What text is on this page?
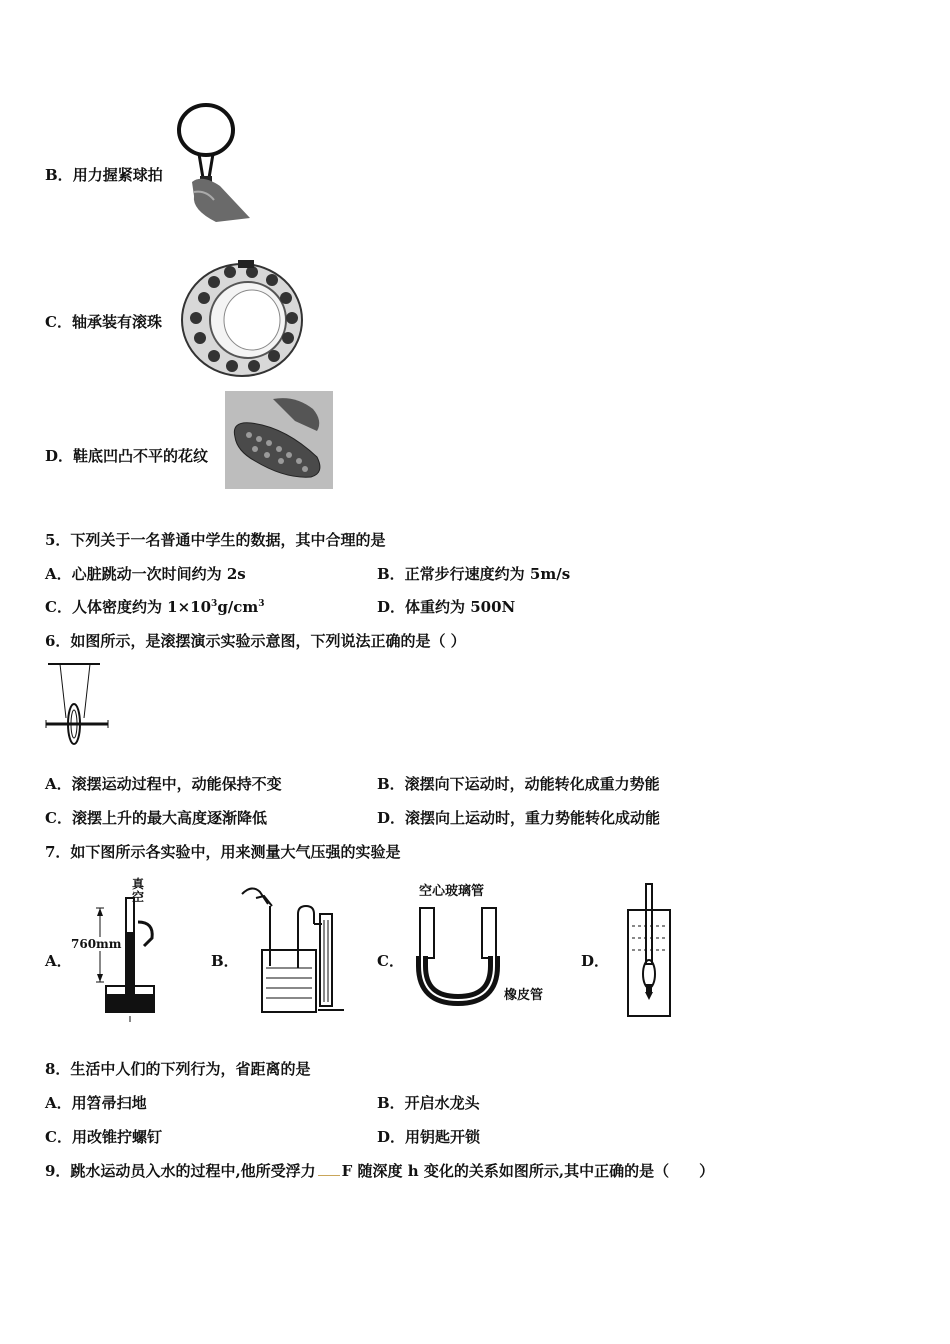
B．用力握紧球拍
C．轴承装有滚珠
D．鞋底凹凸不平的花纹
5．下列关于一名普通中学生的数据，其中合理的是
A．心脏跳动一次时间约为 2s	B．正常步行速度约为 5m/s
C．人体密度约为 $1\times 10^3g/cm^3$	D．体重约为 500N
6．如图所示，是滚摆演示实验示意图，下列说法正确的是（ ）
A．滚摆运动过程中，动能保持不变	B．滚摆向下运动时，动能转化成重力势能
C．滚摆上升的最大高度逐渐降低	D．滚摆向上运动时，重力势能转化成动能
7．如下图所示各实验中，用来测量大气压强的实验是
A．
真空
760mm
B．	C．
空心玻璃管
橡皮管
D．
8．生活中人们的下列行为，省距离的是
A．用笤帚扫地	B．开启水龙头
C．用改锥拧螺钉	D．用钥匙开锁
9．跳水运动员入水的过程中,他所受浮力 F 随深度 h 变化的关系如图所示,其中正确的是（　　）
